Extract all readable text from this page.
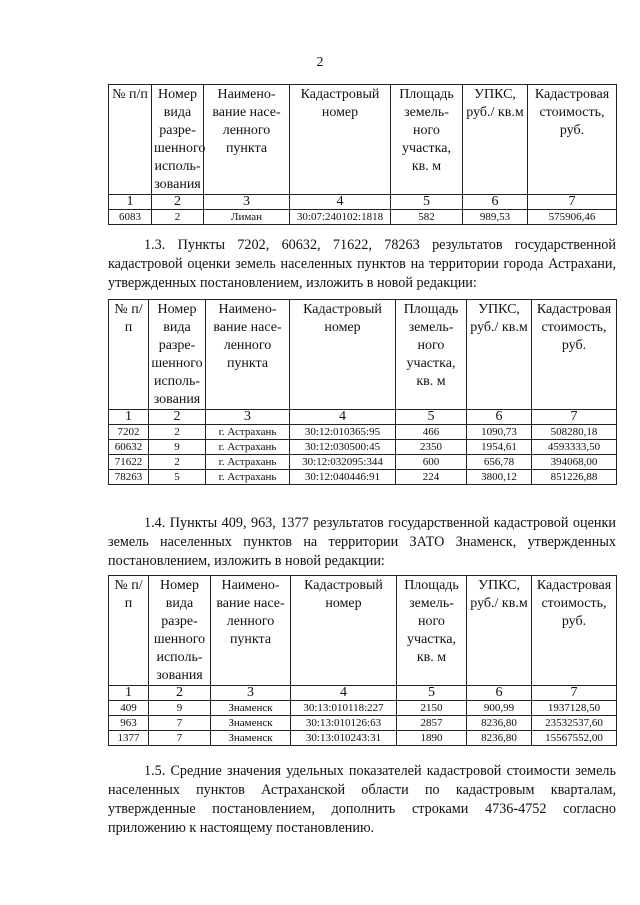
2
№ п/п	Номер вида разре-шенного исполь-зования	Наимено-вание насе-ленного пункта	Кадастровый номер	Площадь земель-ного участка, кв. м	УПКС, руб./ кв.м	Кадастровая стоимость, руб.
1	2	3	4	5	6	7
6083	2	Лиман	30:07:240102:1818	582	989,53	575906,46
1.3. Пункты 7202, 60632, 71622, 78263 результатов государственной кадастровой оценки земель населенных пунктов на территории города Астрахани, утвержденных постановлением, изложить в новой редакции:
№ п/п	Номер вида разре-шенного исполь-зования	Наимено-вание насе-ленного пункта	Кадастровый номер	Площадь земель-ного участка, кв. м	УПКС, руб./ кв.м	Кадастровая стоимость, руб.
1	2	3	4	5	6	7
7202	2	г. Астрахань	30:12:010365:95	466	1090,73	508280,18
60632	9	г. Астрахань	30:12:030500:45	2350	1954,61	4593333,50
71622	2	г. Астрахань	30:12:032095:344	600	656,78	394068,00
78263	5	г. Астрахань	30:12:040446:91	224	3800,12	851226,88
1.4. Пункты 409, 963, 1377 результатов государственной кадастровой оценки земель населенных пунктов на территории ЗАТО Знаменск, утвержденных постановлением, изложить в новой редакции:
№ п/п	Номер вида разре-шенного исполь-зования	Наимено-вание насе-ленного пункта	Кадастровый номер	Площадь земель-ного участка, кв. м	УПКС, руб./ кв.м	Кадастровая стоимость, руб.
1	2	3	4	5	6	7
409	9	Знаменск	30:13:010118:227	2150	900,99	1937128,50
963	7	Знаменск	30:13:010126:63	2857	8236,80	23532537,60
1377	7	Знаменск	30:13:010243:31	1890	8236,80	15567552,00
1.5. Средние значения удельных показателей кадастровой стоимости земель населенных пунктов Астраханской области по кадастровым кварталам, утвержденные постановлением, дополнить строками 4736-4752 согласно приложению к настоящему постановлению.
